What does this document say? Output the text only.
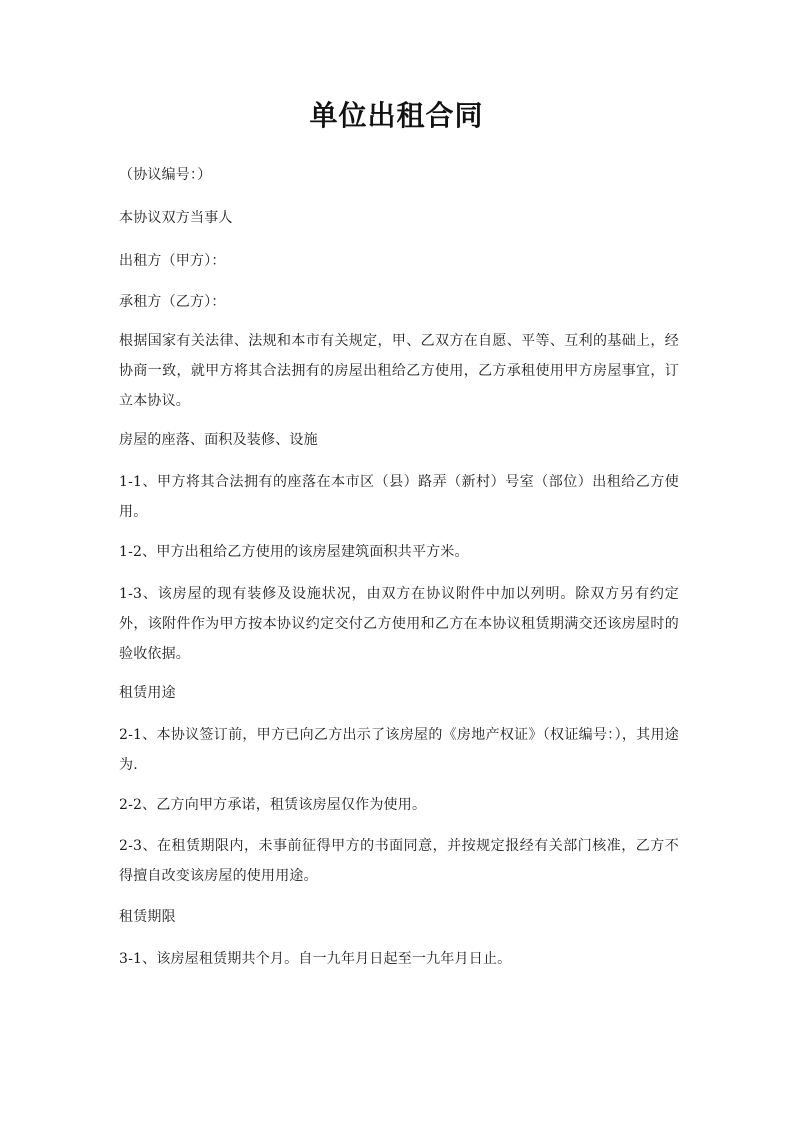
单位出租合同

（协议编号：）

本协议双方当事人

出租方（甲方）：

承租方（乙方）：

根据国家有关法律、法规和本市有关规定，甲、乙双方在自愿、平等、互利的基础上，经协商一致，就甲方将其合法拥有的房屋出租给乙方使用，乙方承租使用甲方房屋事宜，订立本协议。

房屋的座落、面积及装修、设施

1-1、甲方将其合法拥有的座落在本市区（县）路弄（新村）号室（部位）出租给乙方使用。

1-2、甲方出租给乙方使用的该房屋建筑面积共平方米。

1-3、该房屋的现有装修及设施状况，由双方在协议附件中加以列明。除双方另有约定外，该附件作为甲方按本协议约定交付乙方使用和乙方在本协议租赁期满交还该房屋时的验收依据。

租赁用途

2-1、本协议签订前，甲方已向乙方出示了该房屋的《房地产权证》（权证编号：），其用途为.

2-2、乙方向甲方承诺，租赁该房屋仅作为使用。

2-3、在租赁期限内，未事前征得甲方的书面同意，并按规定报经有关部门核准，乙方不得擅自改变该房屋的使用用途。

租赁期限

3-1、该房屋租赁期共个月。自一九年月日起至一九年月日止。
